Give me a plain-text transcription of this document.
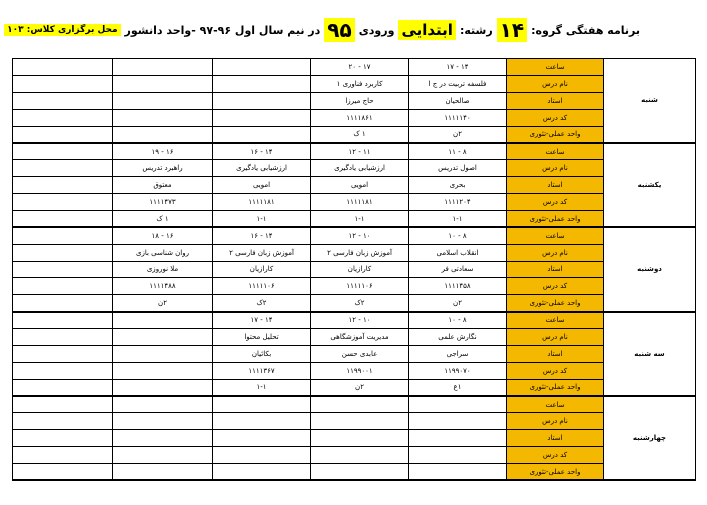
برنامه هفتگی گروه:
۱۴
رشته:
ابتدایی
ورودی
۹۵
در نیم سال اول ۹۶-۹۷ -واحد دانشور
محل برگزاری کلاس: ۱۰۳
شنبه	ساعت	۱۴ - ۱۷	۱۷ - ۲۰			
	نام درس	فلسفه تربیت در ج ا	کاربرد فناوری ۱			
	استاد	صالحیان	حاج میرزا			
	کد درس	۱۱۱۱۱۴۰	۱۱۱۱۸۶۱			
	واحد عملی-تئوری	۲ن	۱ ک			
یکشنبه	ساعت	۸ - ۱۱	۱۱ - ۱۲	۱۴ - ۱۶	۱۶ - ۱۹	
	نام درس	اصول تدریس	ارزشیابی یادگیری	ارزشیابی یادگیری	راهبرد تدریس	
	استاد	بحری	امویی	امویی	معتوق	
	کد درس	۱۱۱۱۲۰۴	۱۱۱۱۱۸۱	۱۱۱۱۱۸۱	۱۱۱۱۴۷۳	
	واحد عملی-تئوری	۱-۱	۱-۱	۱-۱	۱ ک	
دوشنبه	ساعت	۸ - ۱۰	۱۰ - ۱۲	۱۴ - ۱۶	۱۶ - ۱۸	
	نام درس	انقلاب اسلامی	آموزش زبان فارسی ۲	آموزش زبان فارسی ۲	روان شناسی بازی	
	استاد	سعادتی فر	کارازیان	کارازیان	ملا نوروزی	
	کد درس	۱۱۱۱۴۵۸	۱۱۱۱۱۰۶	۱۱۱۱۱۰۶	۱۱۱۱۴۸۸	
	واحد عملی-تئوری	۲ن	۲ک	۲ک	۲ن	
سه شنبه	ساعت	۸ - ۱۰	۱۰ - ۱۲	۱۴ - ۱۷		
	نام درس	نگارش علمی	مدیریت آموزشگاهی	تحلیل محتوا		
	استاد	سراجی	عابدی حسن	بکائیان		
	کد درس	۱۱۹۹۰۷۰	۱۱۹۹۰۰۱	۱۱۱۱۳۶۷		
	واحد عملی-تئوری	۱ع	۲ن	۱-۱		
چهارشنبه	ساعت					
	نام درس					
	استاد					
	کد درس					
	واحد عملی-تئوری					
